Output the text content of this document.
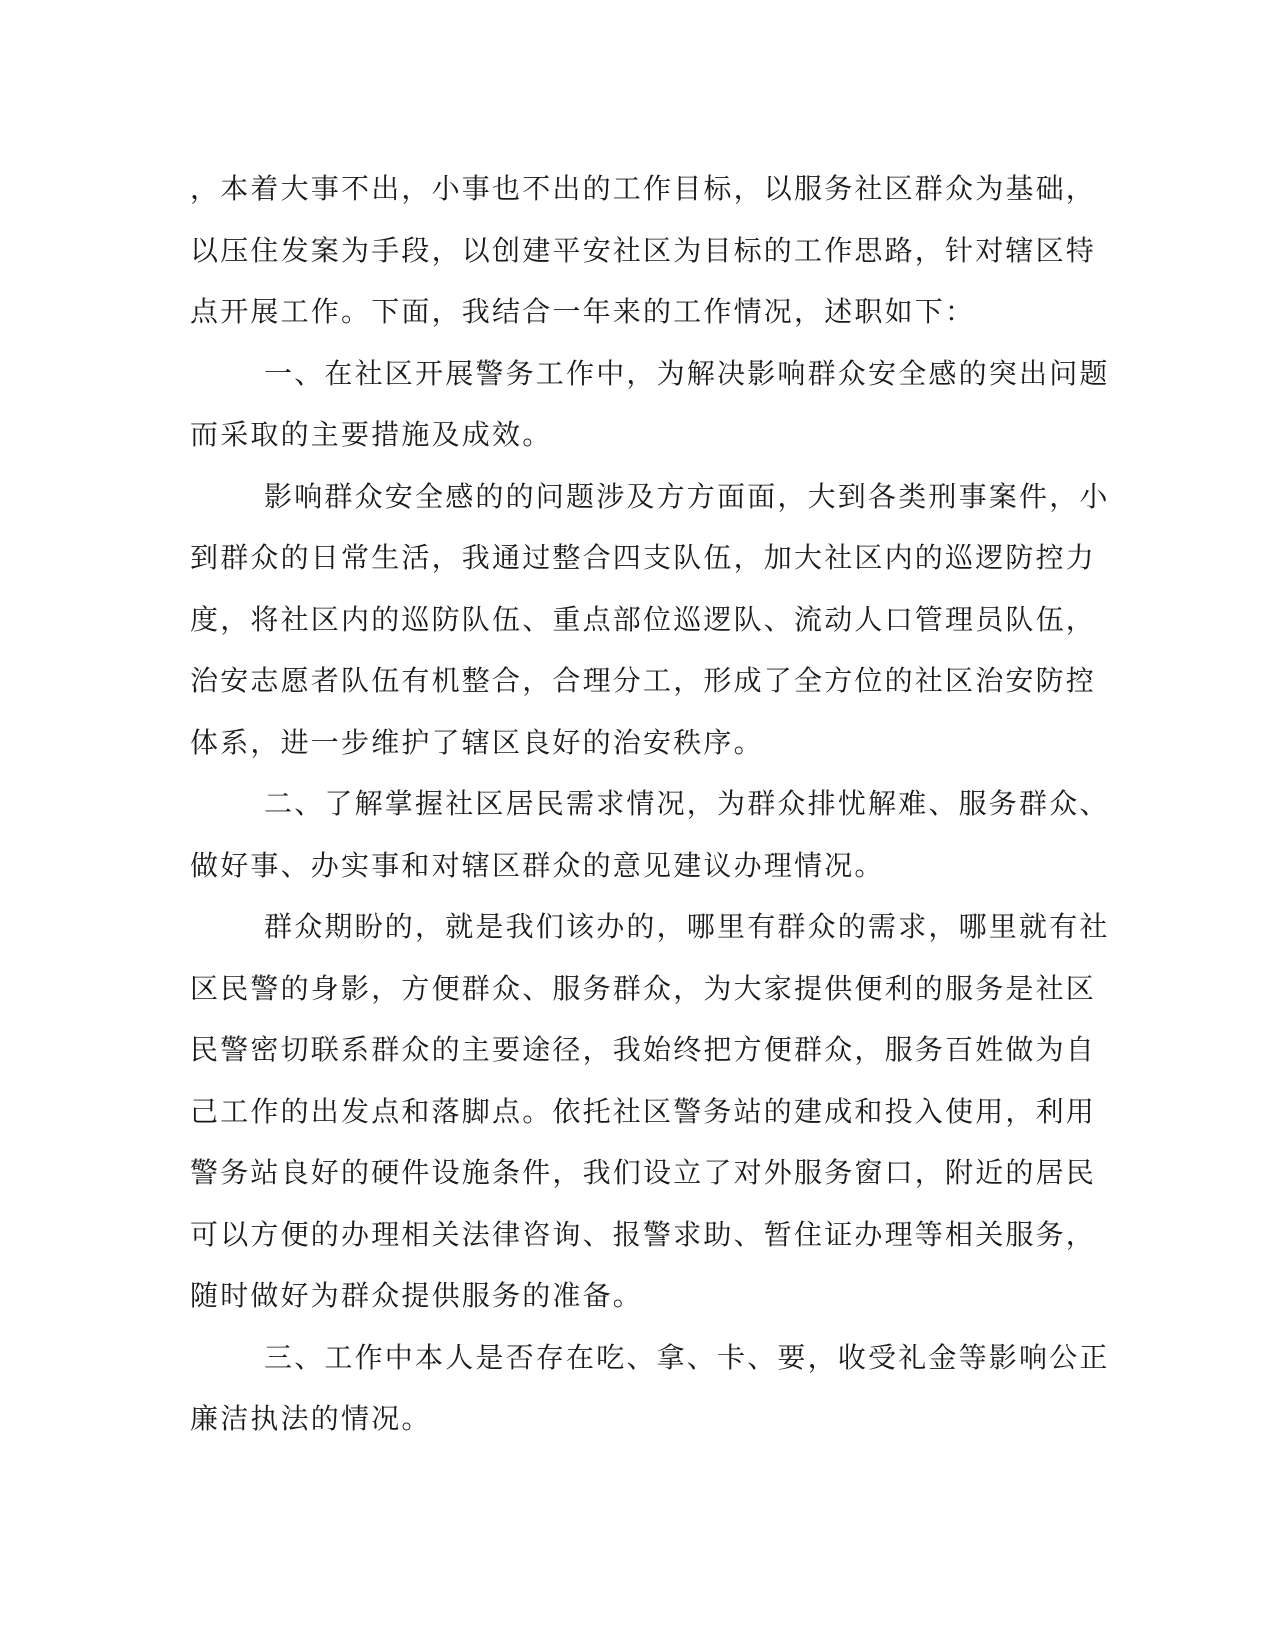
，本着大事不出，小事也不出的工作目标，以服务社区群众为基础，
以压住发案为手段，以创建平安社区为目标的工作思路，针对辖区特
点开展工作。下面，我结合一年来的工作情况，述职如下：

一、在社区开展警务工作中，为解决影响群众安全感的突出问题
而采取的主要措施及成效。

影响群众安全感的的问题涉及方方面面，大到各类刑事案件，小
到群众的日常生活，我通过整合四支队伍，加大社区内的巡逻防控力
度，将社区内的巡防队伍、重点部位巡逻队、流动人口管理员队伍，
治安志愿者队伍有机整合，合理分工，形成了全方位的社区治安防控
体系，进一步维护了辖区良好的治安秩序。

二、了解掌握社区居民需求情况，为群众排忧解难、服务群众、
做好事、办实事和对辖区群众的意见建议办理情况。

群众期盼的，就是我们该办的，哪里有群众的需求，哪里就有社
区民警的身影，方便群众、服务群众，为大家提供便利的服务是社区
民警密切联系群众的主要途径，我始终把方便群众，服务百姓做为自
己工作的出发点和落脚点。依托社区警务站的建成和投入使用，利用
警务站良好的硬件设施条件，我们设立了对外服务窗口，附近的居民
可以方便的办理相关法律咨询、报警求助、暂住证办理等相关服务，
随时做好为群众提供服务的准备。

三、工作中本人是否存在吃、拿、卡、要，收受礼金等影响公正
廉洁执法的情况。
